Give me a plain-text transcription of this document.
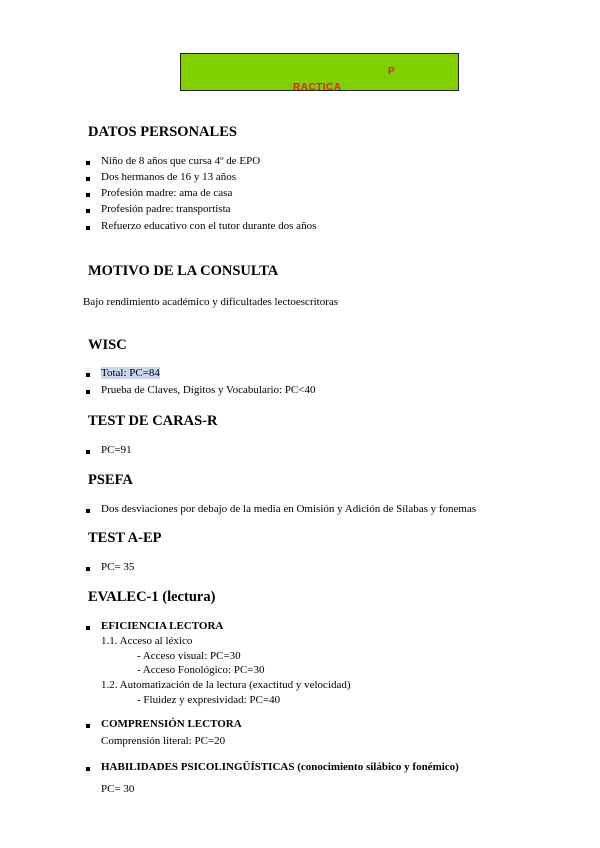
P
RACTICA
DATOS PERSONALES
Niño de 8 años que cursa 4º de EPO
Dos hermanos de 16 y 13 años
Profesión madre: ama de casa
Profesión padre: transportista
Refuerzo educativo con el tutor durante dos años
MOTIVO DE LA CONSULTA
Bajo rendimiento académico y dificultades lectoescritoras
WISC
Total: PC=84
Prueba de Claves, Dígitos y Vocabulario: PC<40
TEST DE CARAS-R
PC=91
PSEFA
Dos desviaciones por debajo de la media en Omisión y Adición de Sílabas y fonemas
TEST A-EP
PC= 35
EVALEC-1 (lectura)
EFICIENCIA LECTORA
1.1. Acceso al léxico
- Acceso visual: PC=30
- Acceso Fonológico: PC=30
1.2. Automatización de la lectura (exactitud y velocidad)
- Fluidez y expresividad: PC=40
COMPRENSIÓN LECTORA
Comprensión literal: PC=20
HABILIDADES PSICOLINGÜÍSTICAS (conocimiento silábico y fonémico)
PC= 30
